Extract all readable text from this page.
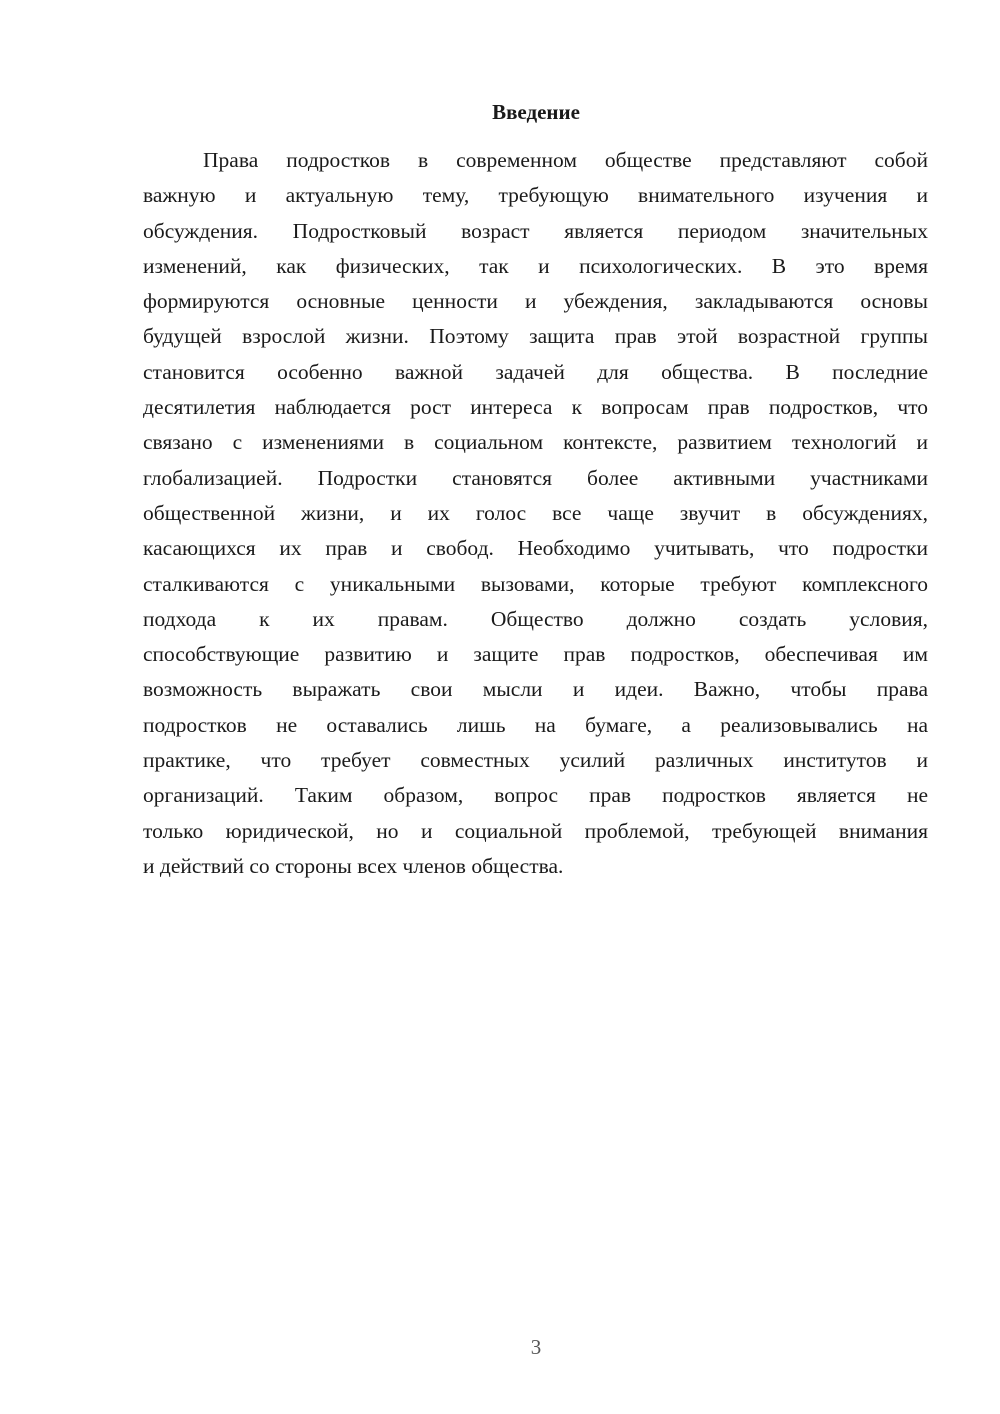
Введение
Права подростков в современном обществе представляют собой
важную и актуальную тему, требующую внимательного изучения и
обсуждения. Подростковый возраст является периодом значительных
изменений, как физических, так и психологических. В это время
формируются основные ценности и убеждения, закладываются основы
будущей взрослой жизни. Поэтому защита прав этой возрастной группы
становится особенно важной задачей для общества. В последние
десятилетия наблюдается рост интереса к вопросам прав подростков, что
связано с изменениями в социальном контексте, развитием технологий и
глобализацией. Подростки становятся более активными участниками
общественной жизни, и их голос все чаще звучит в обсуждениях,
касающихся их прав и свобод. Необходимо учитывать, что подростки
сталкиваются с уникальными вызовами, которые требуют комплексного
подхода к их правам. Общество должно создать условия,
способствующие развитию и защите прав подростков, обеспечивая им
возможность выражать свои мысли и идеи. Важно, чтобы права
подростков не оставались лишь на бумаге, а реализовывались на
практике, что требует совместных усилий различных институтов и
организаций. Таким образом, вопрос прав подростков является не
только юридической, но и социальной проблемой, требующей внимания
и действий со стороны всех членов общества.
3
